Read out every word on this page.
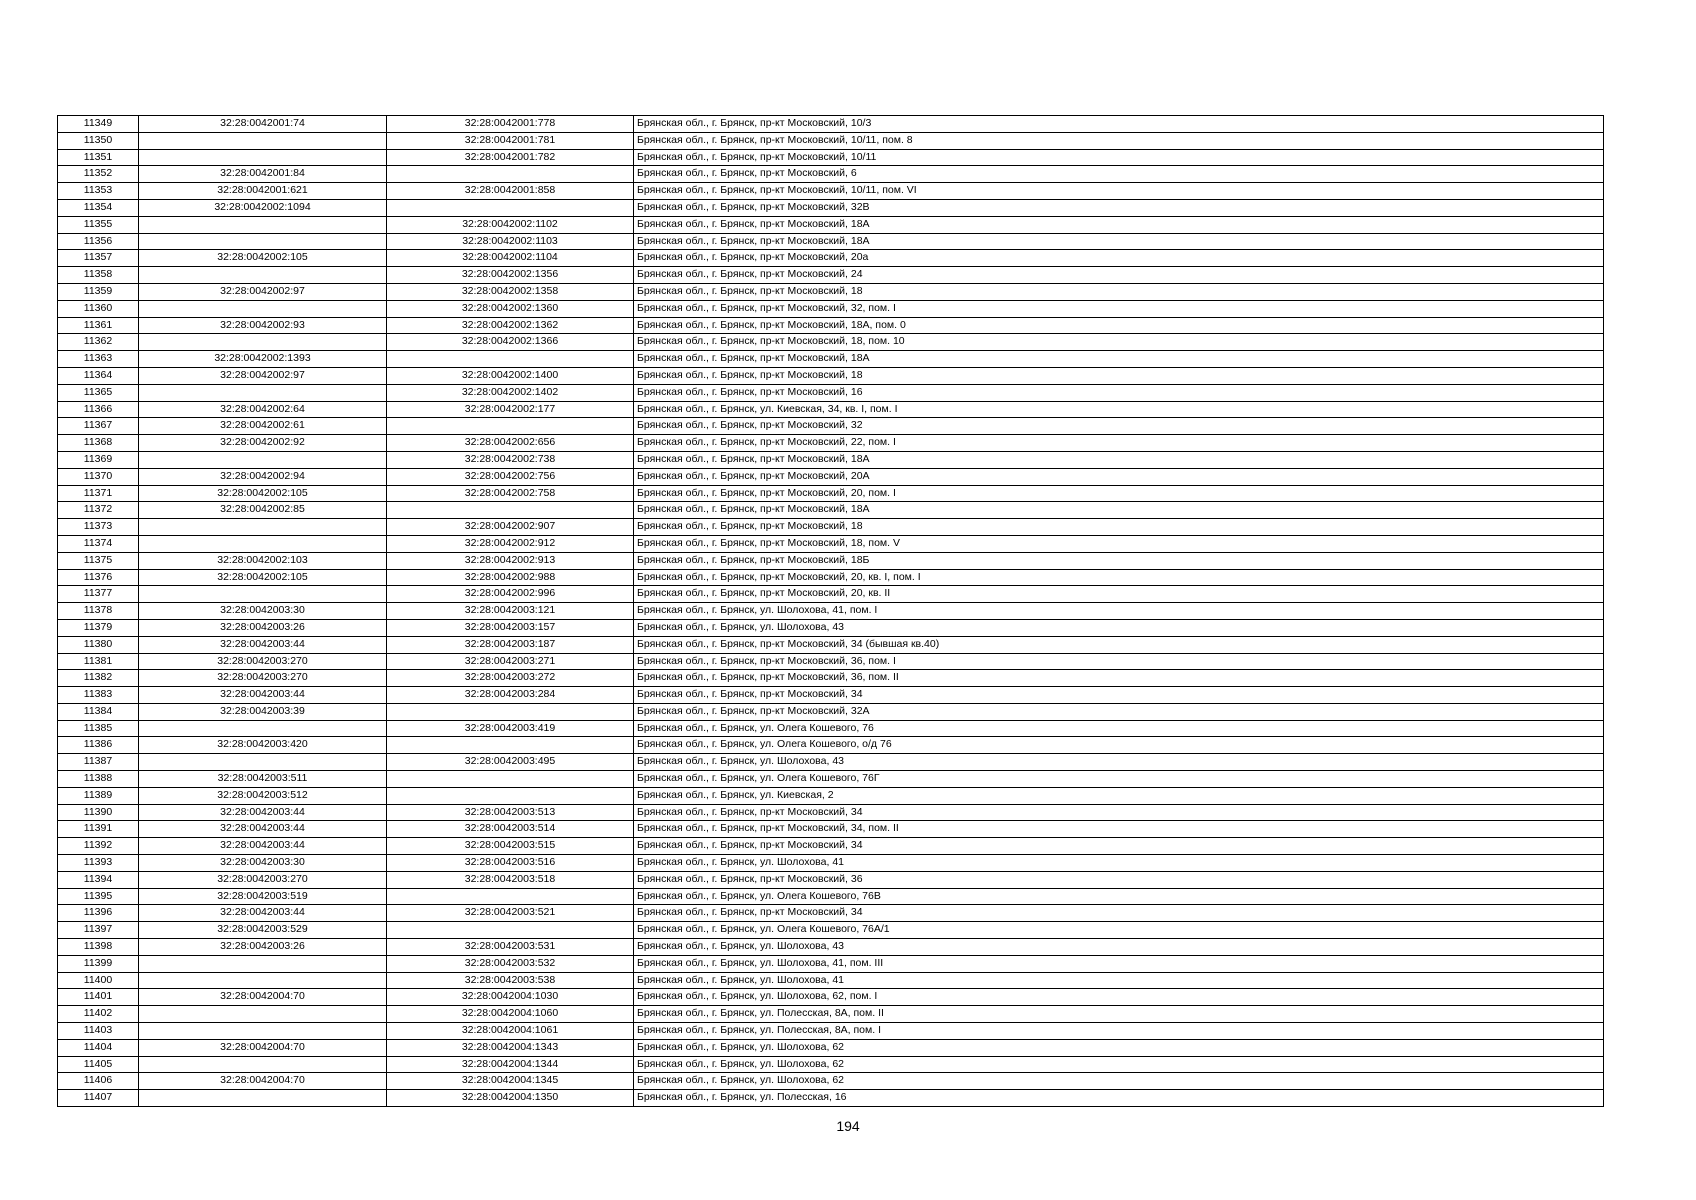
11349	32:28:0042001:74	32:28:0042001:778	Брянская обл., г. Брянск, пр-кт Московский, 10/3
11350		32:28:0042001:781	Брянская обл., г. Брянск, пр-кт Московский, 10/11, пом. 8
11351		32:28:0042001:782	Брянская обл., г. Брянск, пр-кт Московский, 10/11
11352	32:28:0042001:84		Брянская обл., г. Брянск, пр-кт Московский, 6
11353	32:28:0042001:621	32:28:0042001:858	Брянская обл., г. Брянск, пр-кт Московский, 10/11, пом. VI
11354	32:28:0042002:1094		Брянская обл., г. Брянск, пр-кт Московский, 32В
11355		32:28:0042002:1102	Брянская обл., г. Брянск, пр-кт Московский, 18А
11356		32:28:0042002:1103	Брянская обл., г. Брянск, пр-кт Московский, 18А
11357	32:28:0042002:105	32:28:0042002:1104	Брянская обл., г. Брянск, пр-кт Московский, 20а
11358		32:28:0042002:1356	Брянская обл., г. Брянск, пр-кт Московский, 24
11359	32:28:0042002:97	32:28:0042002:1358	Брянская обл., г. Брянск, пр-кт Московский, 18
11360		32:28:0042002:1360	Брянская обл., г. Брянск, пр-кт Московский, 32, пом. I
11361	32:28:0042002:93	32:28:0042002:1362	Брянская обл., г. Брянск, пр-кт Московский, 18А, пом. 0
11362		32:28:0042002:1366	Брянская обл., г. Брянск, пр-кт Московский, 18, пом. 10
11363	32:28:0042002:1393		Брянская обл., г. Брянск, пр-кт Московский, 18А
11364	32:28:0042002:97	32:28:0042002:1400	Брянская обл., г. Брянск, пр-кт Московский, 18
11365		32:28:0042002:1402	Брянская обл., г. Брянск, пр-кт Московский, 16
11366	32:28:0042002:64	32:28:0042002:177	Брянская обл., г. Брянск, ул. Киевская, 34, кв. I, пом. I
11367	32:28:0042002:61		Брянская обл., г. Брянск, пр-кт Московский, 32
11368	32:28:0042002:92	32:28:0042002:656	Брянская обл., г. Брянск, пр-кт Московский, 22, пом. I
11369		32:28:0042002:738	Брянская обл., г. Брянск, пр-кт Московский, 18А
11370	32:28:0042002:94	32:28:0042002:756	Брянская обл., г. Брянск, пр-кт Московский, 20А
11371	32:28:0042002:105	32:28:0042002:758	Брянская обл., г. Брянск, пр-кт Московский, 20, пом. I
11372	32:28:0042002:85		Брянская обл., г. Брянск, пр-кт Московский, 18А
11373		32:28:0042002:907	Брянская обл., г. Брянск, пр-кт Московский, 18
11374		32:28:0042002:912	Брянская обл., г. Брянск, пр-кт Московский, 18, пом. V
11375	32:28:0042002:103	32:28:0042002:913	Брянская обл., г. Брянск, пр-кт Московский, 18Б
11376	32:28:0042002:105	32:28:0042002:988	Брянская обл., г. Брянск, пр-кт Московский, 20, кв. I, пом. I
11377		32:28:0042002:996	Брянская обл., г. Брянск, пр-кт Московский, 20, кв. II
11378	32:28:0042003:30	32:28:0042003:121	Брянская обл., г. Брянск, ул. Шолохова, 41, пом. I
11379	32:28:0042003:26	32:28:0042003:157	Брянская обл., г. Брянск, ул. Шолохова, 43
11380	32:28:0042003:44	32:28:0042003:187	Брянская обл., г. Брянск, пр-кт Московский, 34 (бывшая кв.40)
11381	32:28:0042003:270	32:28:0042003:271	Брянская обл., г. Брянск, пр-кт Московский, 36, пом. I
11382	32:28:0042003:270	32:28:0042003:272	Брянская обл., г. Брянск, пр-кт Московский, 36, пом. II
11383	32:28:0042003:44	32:28:0042003:284	Брянская обл., г. Брянск, пр-кт Московский, 34
11384	32:28:0042003:39		Брянская обл., г. Брянск, пр-кт Московский, 32А
11385		32:28:0042003:419	Брянская обл., г. Брянск, ул. Олега Кошевого, 76
11386	32:28:0042003:420		Брянская обл., г. Брянск, ул. Олега Кошевого, о/д 76
11387		32:28:0042003:495	Брянская обл., г. Брянск, ул. Шолохова, 43
11388	32:28:0042003:511		Брянская обл., г. Брянск, ул. Олега Кошевого, 76Г
11389	32:28:0042003:512		Брянская обл., г. Брянск, ул. Киевская, 2
11390	32:28:0042003:44	32:28:0042003:513	Брянская обл., г. Брянск, пр-кт Московский, 34
11391	32:28:0042003:44	32:28:0042003:514	Брянская обл., г. Брянск, пр-кт Московский, 34, пом. II
11392	32:28:0042003:44	32:28:0042003:515	Брянская обл., г. Брянск, пр-кт Московский, 34
11393	32:28:0042003:30	32:28:0042003:516	Брянская обл., г. Брянск, ул. Шолохова, 41
11394	32:28:0042003:270	32:28:0042003:518	Брянская обл., г. Брянск, пр-кт Московский, 36
11395	32:28:0042003:519		Брянская обл., г. Брянск, ул. Олега Кошевого, 76В
11396	32:28:0042003:44	32:28:0042003:521	Брянская обл., г. Брянск, пр-кт Московский, 34
11397	32:28:0042003:529		Брянская обл., г. Брянск, ул. Олега Кошевого, 76А/1
11398	32:28:0042003:26	32:28:0042003:531	Брянская обл., г. Брянск, ул. Шолохова, 43
11399		32:28:0042003:532	Брянская обл., г. Брянск, ул. Шолохова, 41, пом. III
11400		32:28:0042003:538	Брянская обл., г. Брянск, ул. Шолохова, 41
11401	32:28:0042004:70	32:28:0042004:1030	Брянская обл., г. Брянск, ул. Шолохова, 62, пом. I
11402		32:28:0042004:1060	Брянская обл., г. Брянск, ул. Полесская, 8А, пом. II
11403		32:28:0042004:1061	Брянская обл., г. Брянск, ул. Полесская, 8А, пом. I
11404	32:28:0042004:70	32:28:0042004:1343	Брянская обл., г. Брянск, ул. Шолохова, 62
11405		32:28:0042004:1344	Брянская обл., г. Брянск, ул. Шолохова, 62
11406	32:28:0042004:70	32:28:0042004:1345	Брянская обл., г. Брянск, ул. Шолохова, 62
11407		32:28:0042004:1350	Брянская обл., г. Брянск, ул. Полесская, 16
194
